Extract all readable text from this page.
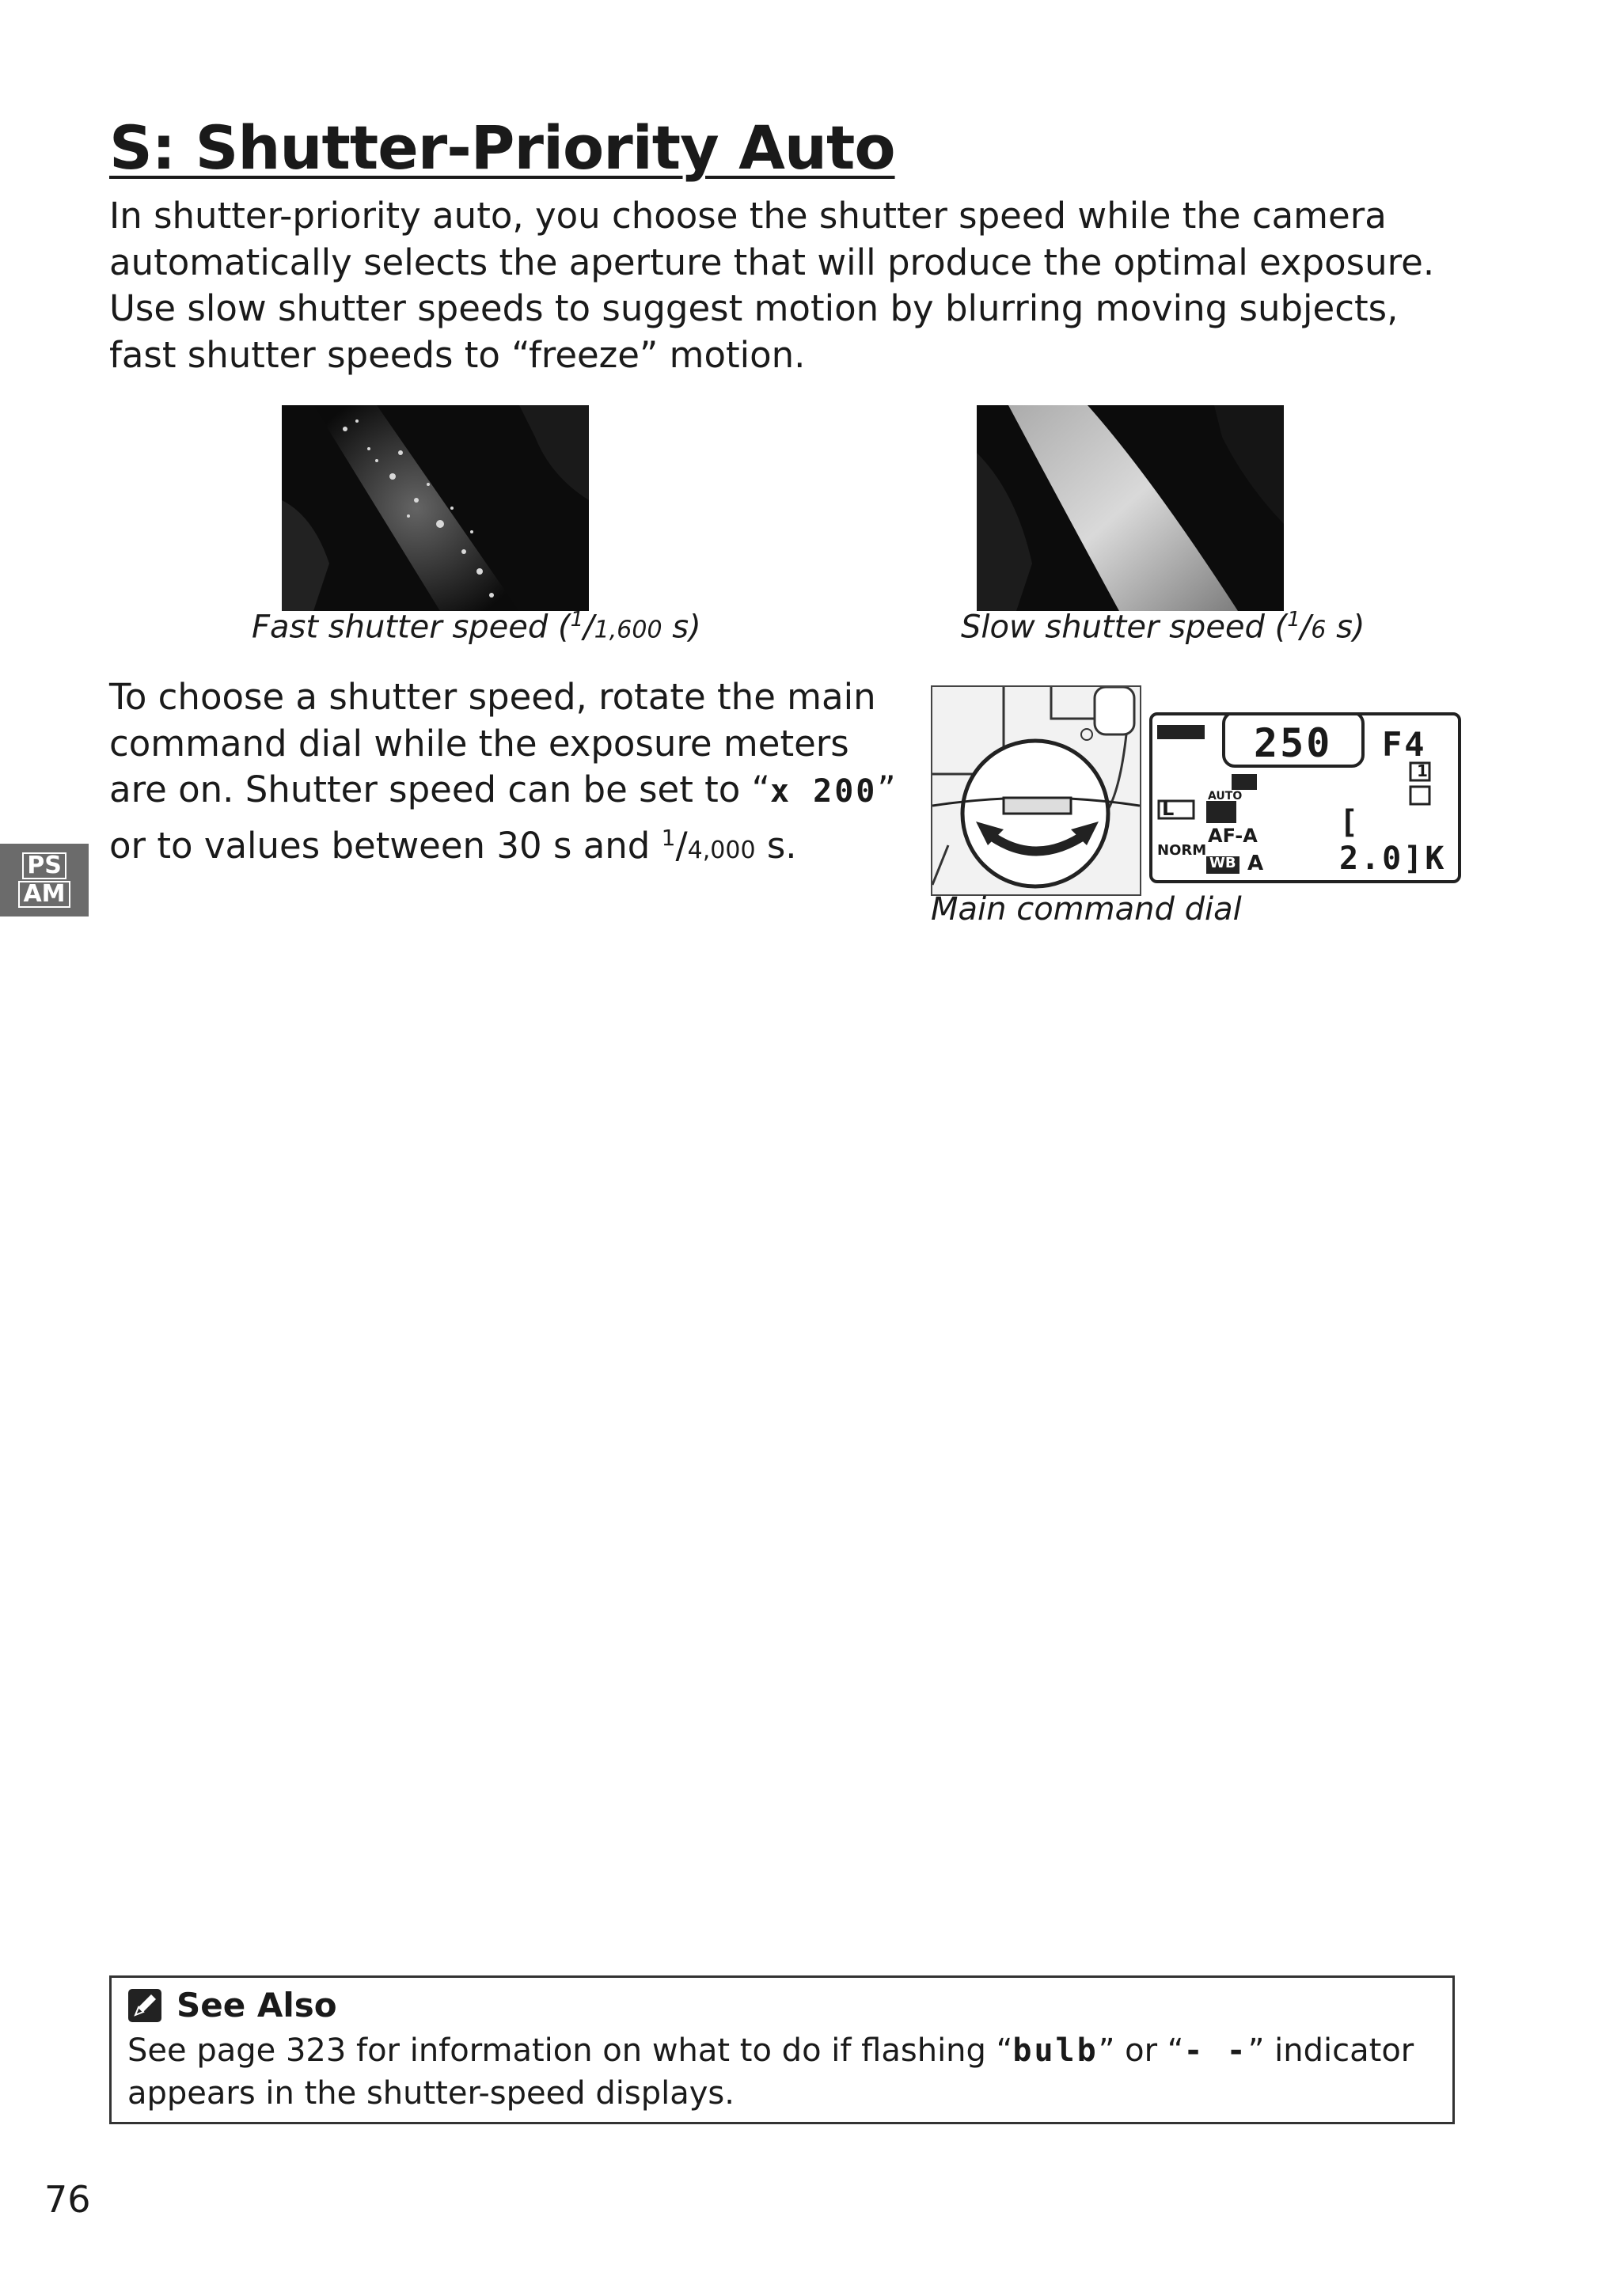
S: Shutter-Priority Auto

In shutter-priority auto, you choose the shutter speed while the camera automatically selects the aperture that will produce the optimal exposure. Use slow shutter speeds to suggest motion by blurring moving subjects, fast shutter speeds to “freeze” motion.

Fast shutter speed ($^1$/1,600 s)	Slow shutter speed ($^1$/6 s)

To choose a shutter speed, rotate the main command dial while the exposure meters are on. Shutter speed can be set to “x 200” or to values between 30 s and $^1$/4,000 s.

250 F4
1
L
AUTO
AF-A	[ 2.0]K
NORM
WB A
Main command dial
PS
AM
See Also
See page 323 for information on what to do if flashing “bulb” or “- -” indicator appears in the shutter-speed displays.
76
